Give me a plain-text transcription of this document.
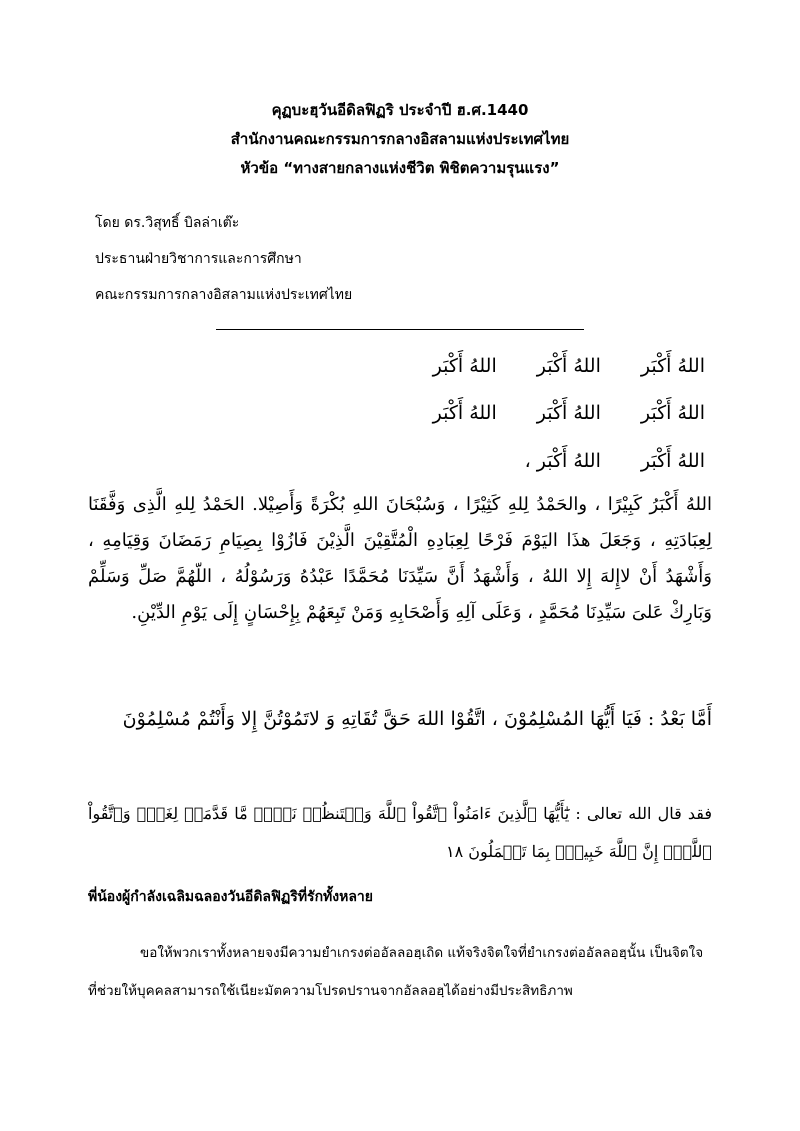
คุฏบะฮฺวันอีดิลฟิฏริ ประจำปี ฮ.ศ.1440
สำนักงานคณะกรรมการกลางอิสลามแห่งประเทศไทย
หัวข้อ “ทางสายกลางแห่งชีวิต พิชิตความรุนแรง”
โดย ดร.วิสุทธิ์ บิลล่าเต๊ะ
ประธานฝ่ายวิชาการและการศึกษา
คณะกรรมการกลางอิสลามแห่งประเทศไทย
اللهُ أَكْبَراللهُ أَكْبَراللهُ أَكْبَر
اللهُ أَكْبَراللهُ أَكْبَراللهُ أَكْبَر
اللهُ أَكْبَراللهُ أَكْبَر ،
اللهُ أَكْبَرُ كَبِيْرًا ، والحَمْدُ لِلهِ كَثِيْرًا ، وَسُبْحَانَ اللهِ بُكْرَةً وَأَصِيْلا. الحَمْدُ لِلهِ الَّذِى وَفَّقَنَا لِعِبَادَتِهِ ، وَجَعَلَ هذَا اليَوْمَ فَرْحًا لِعِبَادِهِ الْمُتَّقِيْنَ الَّذِيْنَ فَازُوْا بِصِيَامِ رَمَضَانَ وَقِيَامِهِ ، وَأَشْهَدُ أَنْ لاإِلهَ إِلا اللهُ ، وَأَشْهَدُ أَنَّ سَيِّدَنَا مُحَمَّدًا عَبْدُهُ وَرَسُوْلُهُ ، اللّهُمَّ صَلِّ وَسَلِّمْ وَبَارِكْ عَلىَ سَيِّدِنَا مُحَمَّدٍ ، وَعَلَى آلِهِ وَأَصْحَابِهِ وَمَنْ تَبِعَهُمْ بِإِحْسَانٍ إِلَى يَوْمِ الدِّيْنِ.
أَمَّا بَعْدُ : فَيَا أَيُّهَا المُسْلِمُوْنَ ، اتَّقُوْا اللهَ حَقَّ تُقَاتِهِ وَ لاتَمُوْتُنَّ إِلا وَأَنْتُمْ مُسْلِمُوْنَ
فقد قال الله تعالى : يَٰٓأَيُّهَا ٱلَّذِينَ ءَامَنُواْ ٱتَّقُواْ ٱللَّهَ وَلۡتَنظُرۡ نَفۡسٞ مَّا قَدَّمَتۡ لِغَدٖۖ وَٱتَّقُواْ ٱللَّهَۚ إِنَّ ٱللَّهَ خَبِيرُۢ بِمَا تَعۡمَلُونَ ١٨
พี่น้องผู้กำลังเฉลิมฉลองวันอีดิลฟิฏริที่รักทั้งหลาย
ขอให้พวกเราทั้งหลายจงมีความยำเกรงต่ออัลลอฮฺเถิด แท้จริงจิตใจที่ยำเกรงต่ออัลลอฮฺนั้น เป็นจิตใจที่ช่วยให้บุคคลสามารถใช้เนียะมัตความโปรดปรานจากอัลลอฮฺได้อย่างมีประสิทธิภาพ
